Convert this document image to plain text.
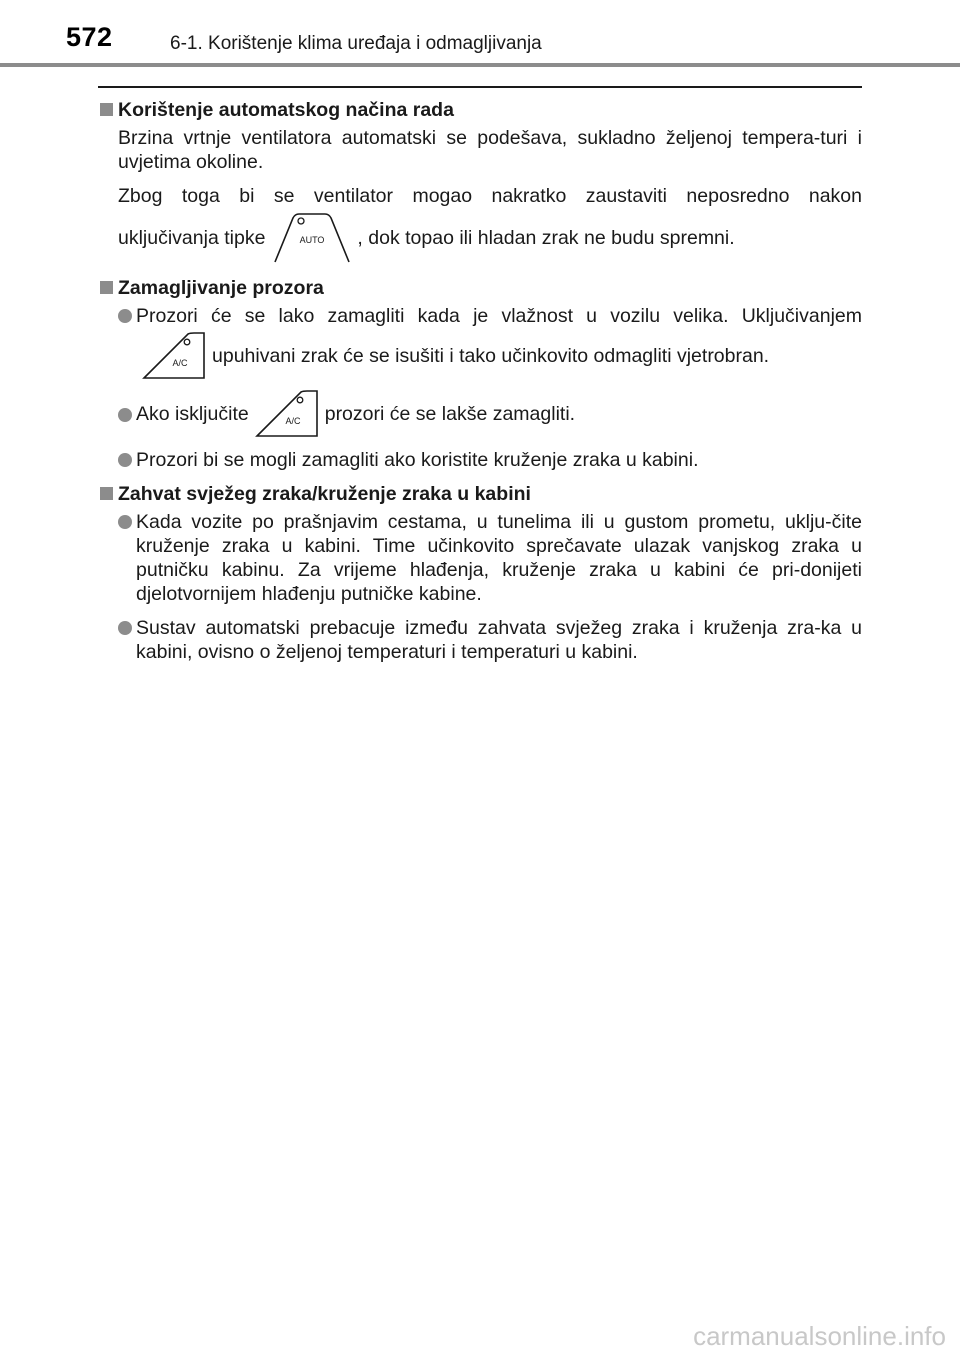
572	6-1. Korištenje klima uređaja i odmagljivanja
Korištenje automatskog načina rada
Brzina vrtnje ventilatora automatski se podešava, sukladno željenoj tempera-turi i uvjetima okoline.
Zbog toga bi se ventilator mogao nakratko zaustaviti neposredno nakon
uključivanja tipke	AUTO , dok topao ili hladan zrak ne budu spremni.
Zamagljivanje prozora
Prozori će se lako zamagliti kada je vlažnost u vozilu velika. Uključivanjem
A/C upuhivani zrak će se isušiti i tako učinkovito odmagliti vjetrobran.
Ako isključite	A/C prozori će se lakše zamagliti.
Prozori bi se mogli zamagliti ako koristite kruženje zraka u kabini.
Zahvat svježeg zraka/kruženje zraka u kabini
Kada vozite po prašnjavim cestama, u tunelima ili u gustom prometu, uklju-čite kruženje zraka u kabini. Time učinkovito sprečavate ulazak vanjskog zraka u putničku kabinu. Za vrijeme hlađenja, kruženje zraka u kabini će pri-donijeti djelotvornijem hlađenju putničke kabine.
Sustav automatski prebacuje između zahvata svježeg zraka i kruženja zra-ka u kabini, ovisno o željenoj temperaturi i temperaturi u kabini.
carmanualsonline.info
